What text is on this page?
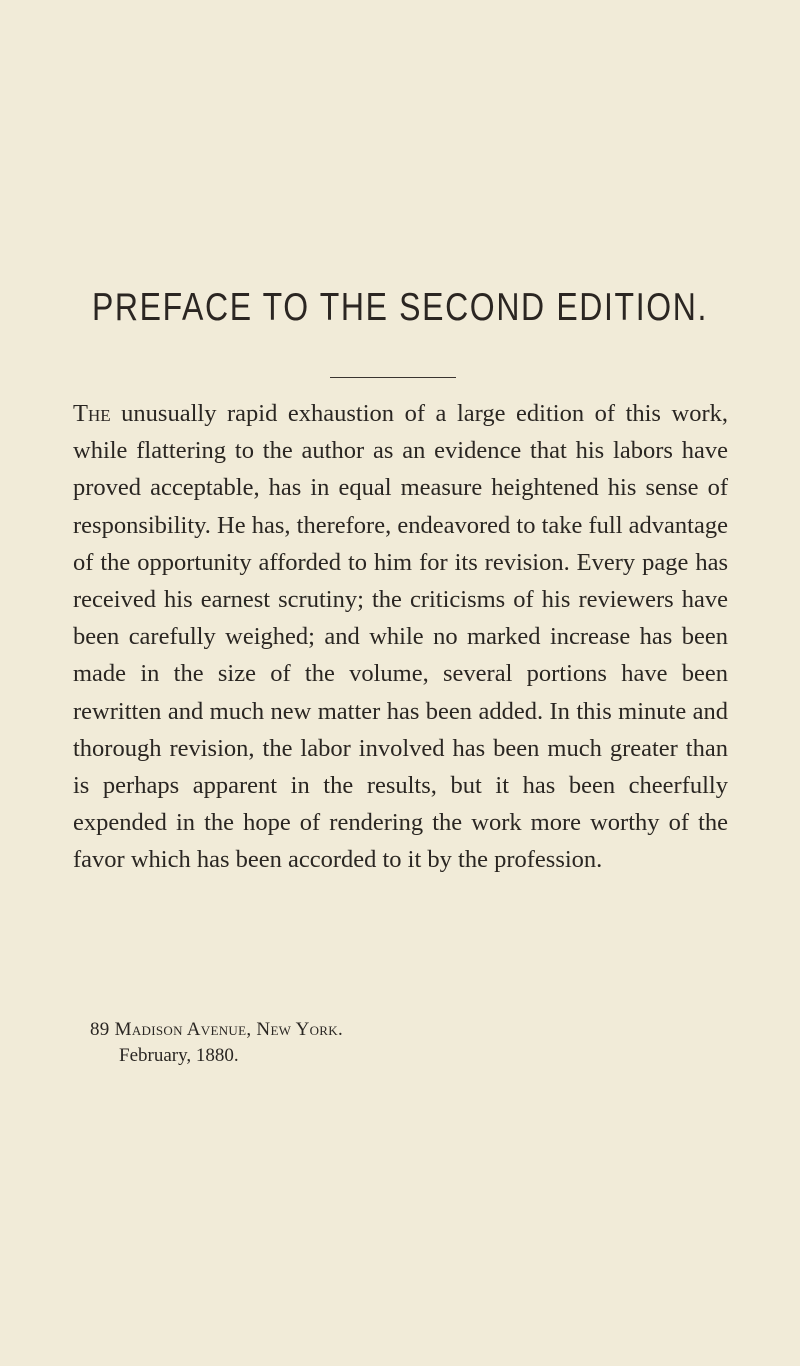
PREFACE TO THE SECOND EDITION.

The unusually rapid exhaustion of a large edition of this work, while flattering to the author as an evidence that his labors have proved acceptable, has in equal measure heightened his sense of responsibility. He has, therefore, endeavored to take full advantage of the opportunity afforded to him for its revision. Every page has received his earnest scrutiny; the criticisms of his reviewers have been carefully weighed; and while no marked increase has been made in the size of the volume, several portions have been rewritten and much new matter has been added. In this minute and thorough revision, the labor involved has been much greater than is perhaps apparent in the results, but it has been cheerfully expended in the hope of rendering the work more worthy of the favor which has been accorded to it by the profession.

89 Madison Avenue, New York.

February, 1880.
